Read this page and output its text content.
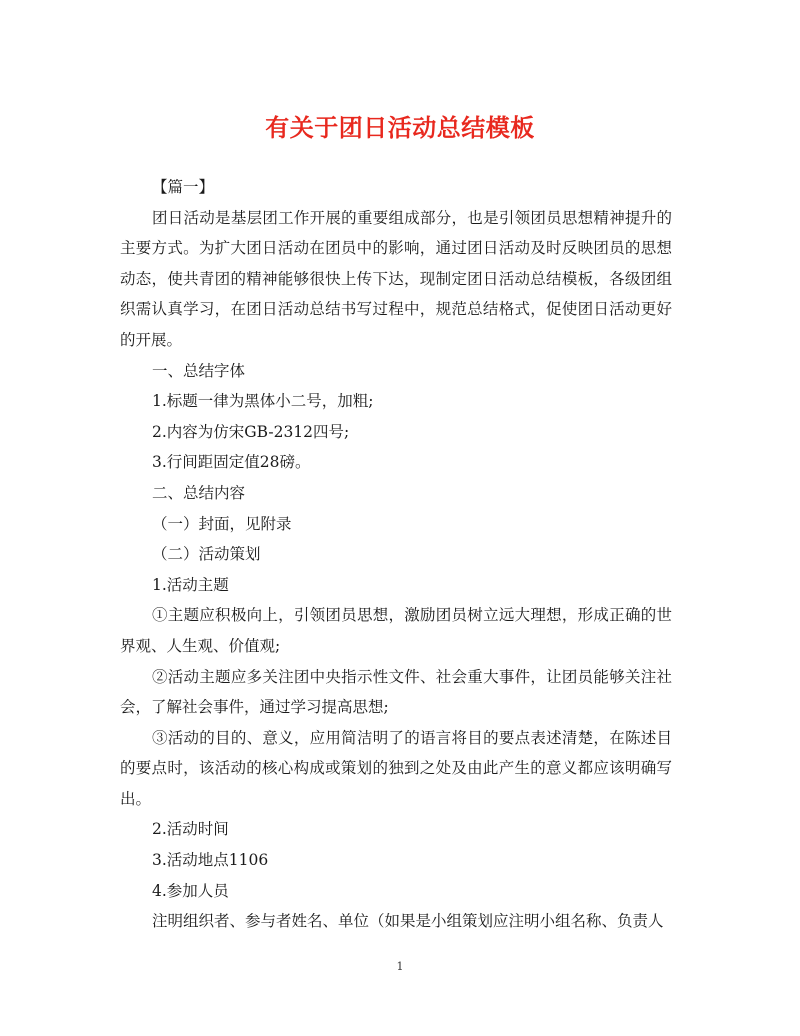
有关于团日活动总结模板

【篇一】

团日活动是基层团工作开展的重要组成部分，也是引领团员思想精神提升的主要方式。为扩大团日活动在团员中的影响，通过团日活动及时反映团员的思想动态，使共青团的精神能够很快上传下达，现制定团日活动总结模板，各级团组织需认真学习，在团日活动总结书写过程中，规范总结格式，促使团日活动更好的开展。

一、总结字体

1.标题一律为黑体小二号，加粗;

2.内容为仿宋GB-2312四号;

3.行间距固定值28磅。

二、总结内容

（一）封面，见附录

（二）活动策划

1.活动主题

①主题应积极向上，引领团员思想，激励团员树立远大理想，形成正确的世界观、人生观、价值观;

②活动主题应多关注团中央指示性文件、社会重大事件，让团员能够关注社会，了解社会事件，通过学习提高思想;

③活动的目的、意义，应用简洁明了的语言将目的要点表述清楚，在陈述目的要点时，该活动的核心构成或策划的独到之处及由此产生的意义都应该明确写出。

2.活动时间

3.活动地点1106

4.参加人员

注明组织者、参与者姓名、单位（如果是小组策划应注明小组名称、负责人

1
